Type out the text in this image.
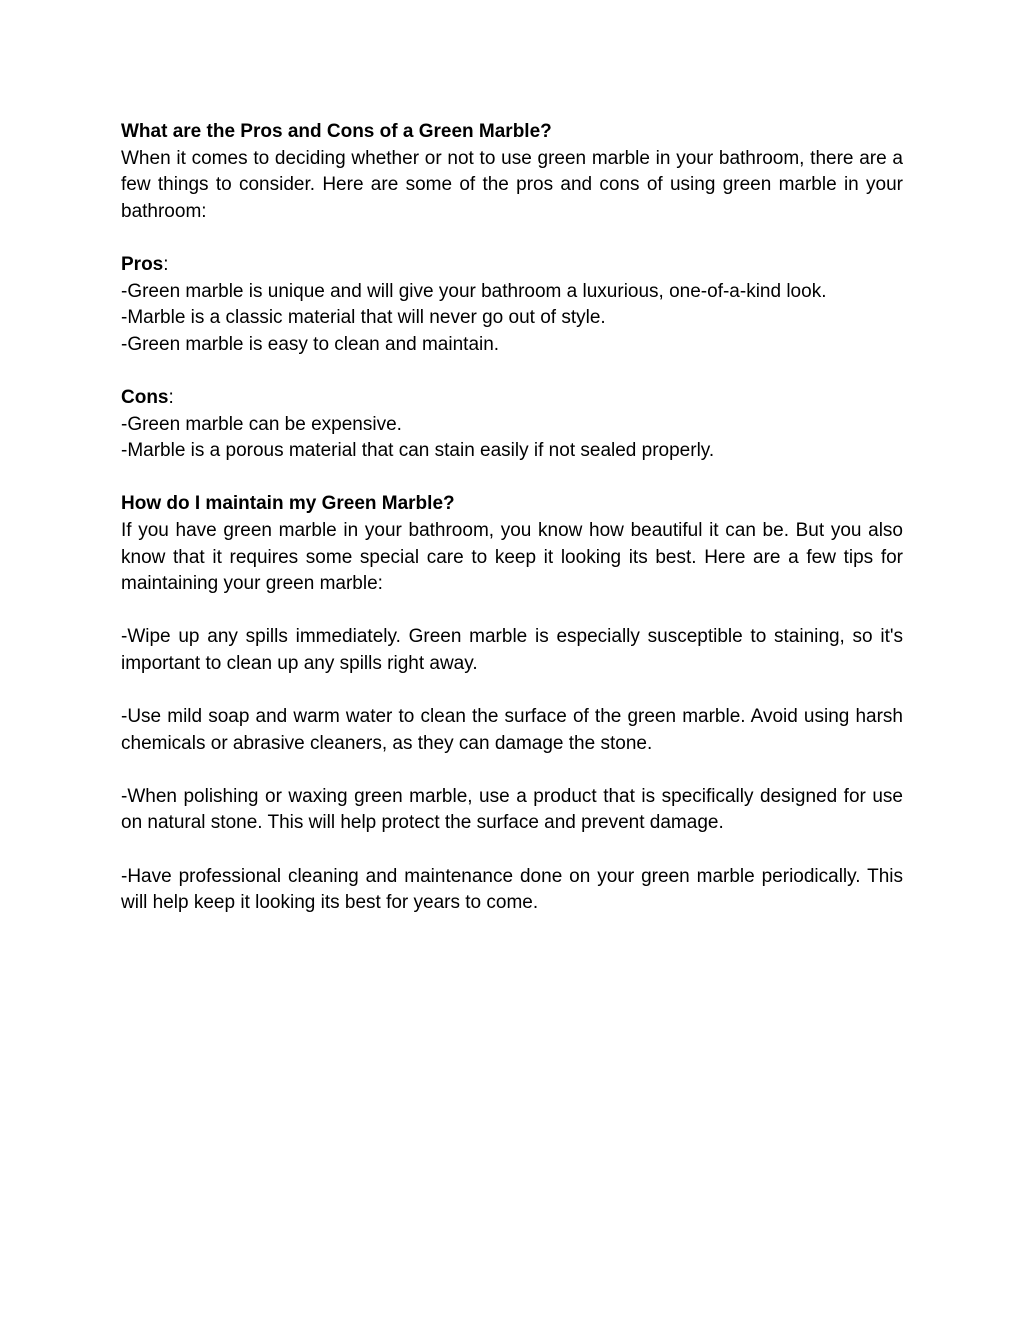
What are the Pros and Cons of a Green Marble?

When it comes to deciding whether or not to use green marble in your bathroom, there are a few things to consider. Here are some of the pros and cons of using green marble in your bathroom:

Pros:

-Green marble is unique and will give your bathroom a luxurious, one-of-a-kind look.

-Marble is a classic material that will never go out of style.

-Green marble is easy to clean and maintain.

Cons:

-Green marble can be expensive.

-Marble is a porous material that can stain easily if not sealed properly.

How do I maintain my Green Marble?

If you have green marble in your bathroom, you know how beautiful it can be. But you also know that it requires some special care to keep it looking its best. Here are a few tips for maintaining your green marble:

-Wipe up any spills immediately. Green marble is especially susceptible to staining, so it's important to clean up any spills right away.

-Use mild soap and warm water to clean the surface of the green marble. Avoid using harsh chemicals or abrasive cleaners, as they can damage the stone.

-When polishing or waxing green marble, use a product that is specifically designed for use on natural stone. This will help protect the surface and prevent damage.

-Have professional cleaning and maintenance done on your green marble periodically. This will help keep it looking its best for years to come.
